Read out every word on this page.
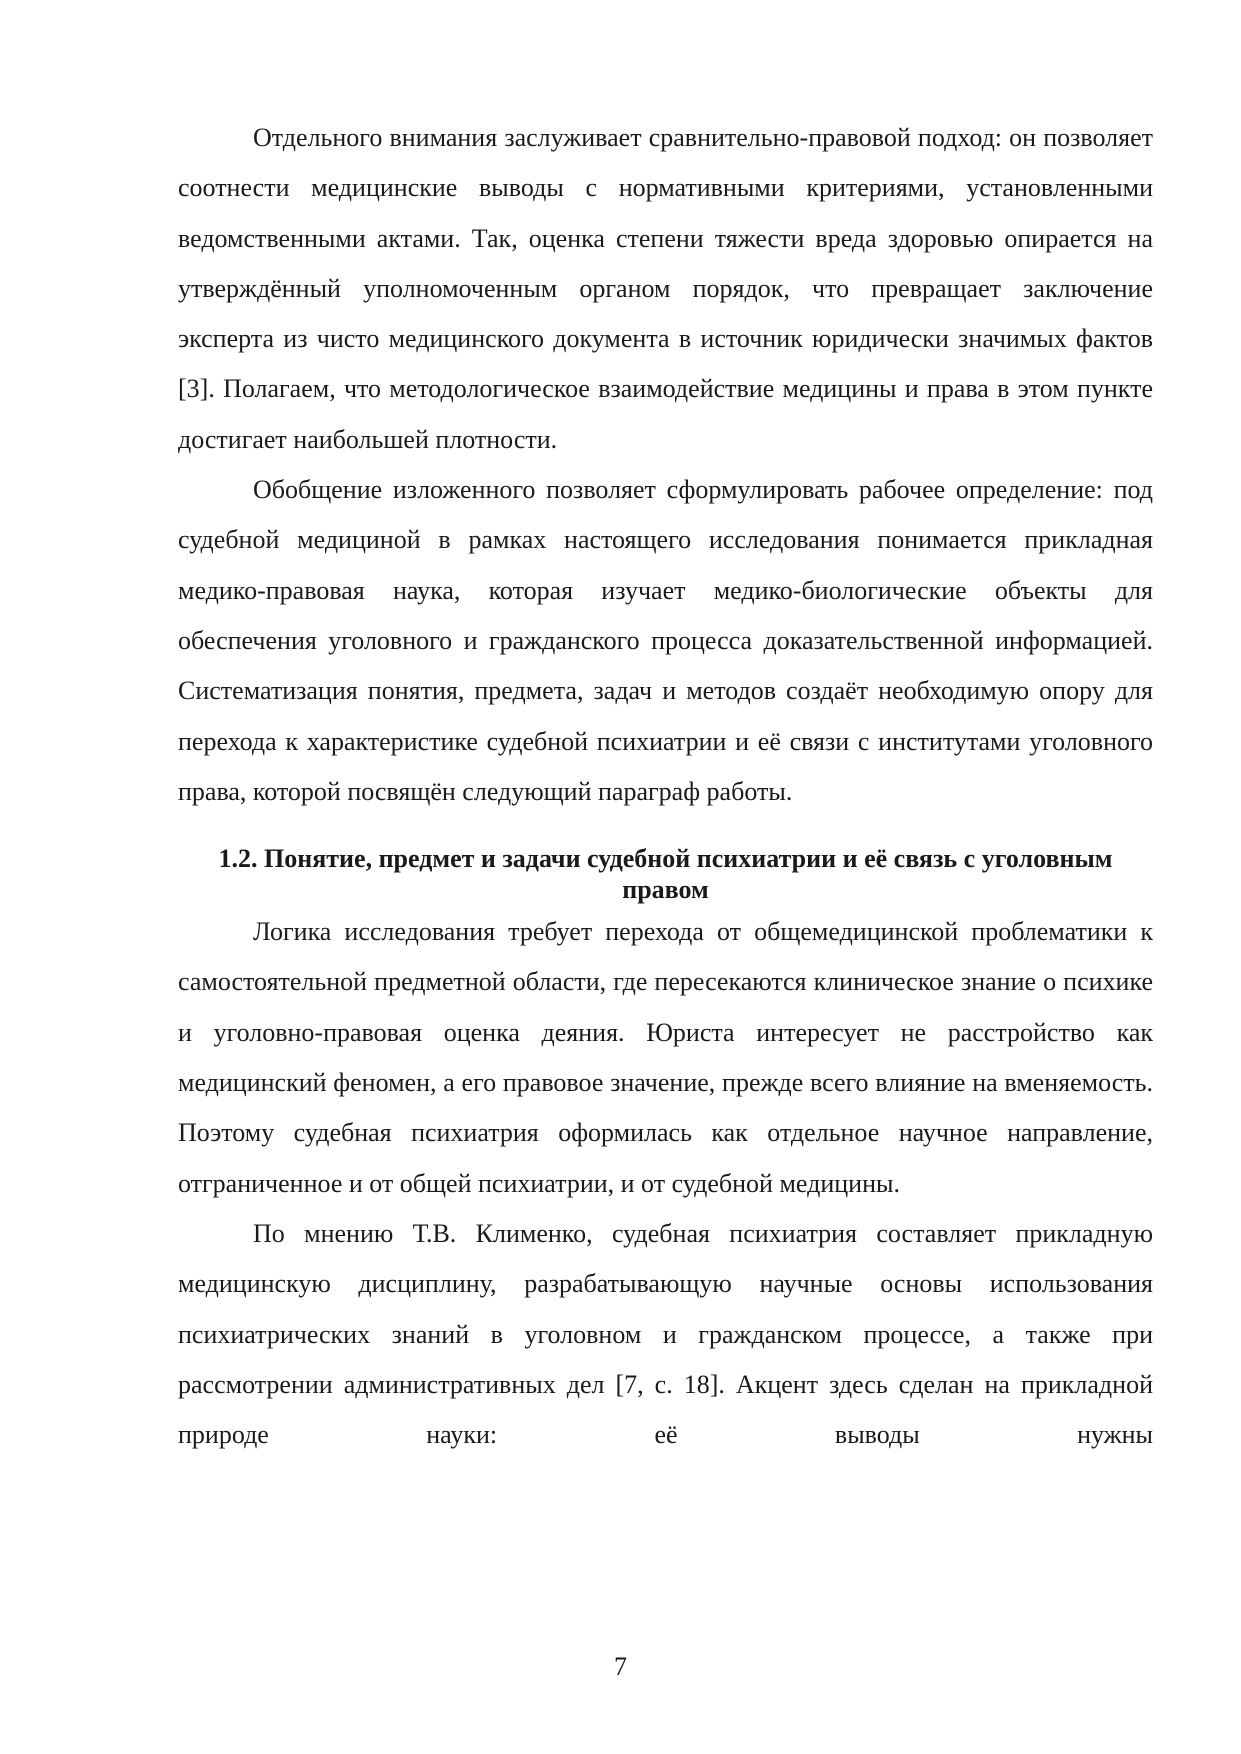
Отдельного внимания заслуживает сравнительно-правовой подход: он позволяет соотнести медицинские выводы с нормативными критериями, установленными ведомственными актами. Так, оценка степени тяжести вреда здоровью опирается на утверждённый уполномоченным органом порядок, что превращает заключение эксперта из чисто медицинского документа в источник юридически значимых фактов [3]. Полагаем, что методологическое взаимодействие медицины и права в этом пункте достигает наибольшей плотности.

Обобщение изложенного позволяет сформулировать рабочее определение: под судебной медициной в рамках настоящего исследования понимается прикладная медико-правовая наука, которая изучает медико-биологические объекты для обеспечения уголовного и гражданского процесса доказательственной информацией. Систематизация понятия, предмета, задач и методов создаёт необходимую опору для перехода к характеристике судебной психиатрии и её связи с институтами уголовного права, которой посвящён следующий параграф работы.

1.2. Понятие, предмет и задачи судебной психиатрии и её связь с уголовным правом

Логика исследования требует перехода от общемедицинской проблематики к самостоятельной предметной области, где пересекаются клиническое знание о психике и уголовно-правовая оценка деяния. Юриста интересует не расстройство как медицинский феномен, а его правовое значение, прежде всего влияние на вменяемость. Поэтому судебная психиатрия оформилась как отдельное научное направление, отграниченное и от общей психиатрии, и от судебной медицины.

По мнению Т.В. Клименко, судебная психиатрия составляет прикладную медицинскую дисциплину, разрабатывающую научные основы использования психиатрических знаний в уголовном и гражданском процессе, а также при рассмотрении административных дел [7, с. 18]. Акцент здесь сделан на прикладной природе науки: её выводы нужны

7
